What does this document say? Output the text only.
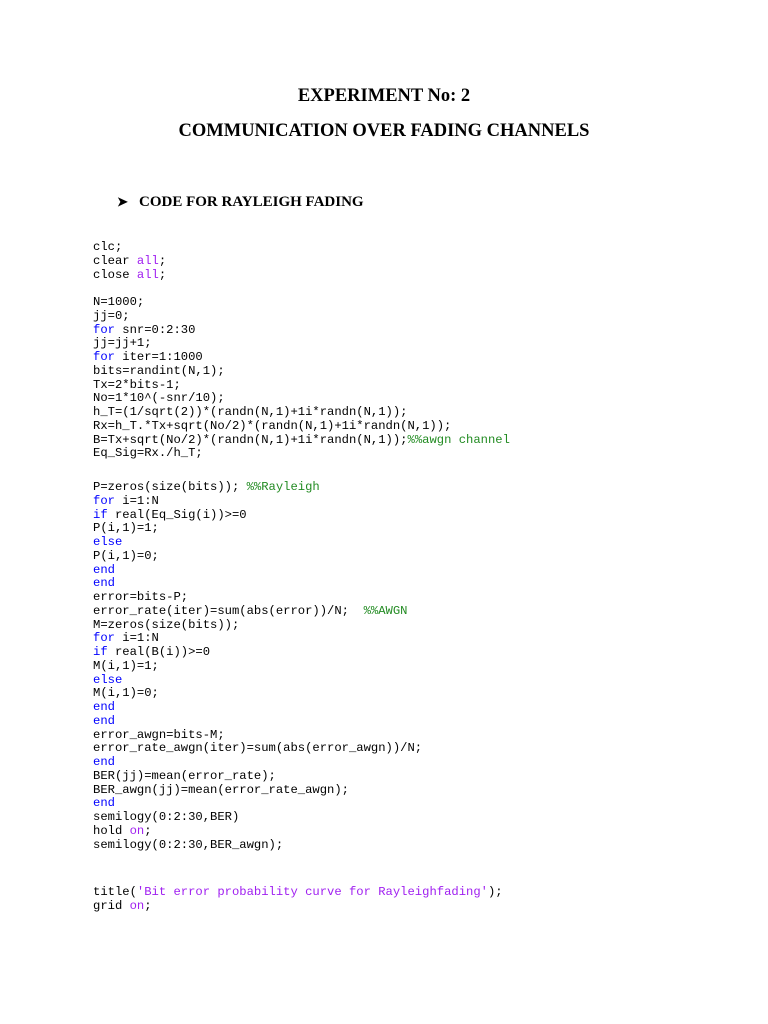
EXPERIMENT No: 2
COMMUNICATION OVER FADING CHANNELS
➤ CODE FOR RAYLEIGH FADING
clc;
clear all;
close all;
N=1000;
jj=0;
for snr=0:2:30
jj=jj+1;
for iter=1:1000
bits=randint(N,1);
Tx=2*bits-1;
No=1*10^(-snr/10);
h_T=(1/sqrt(2))*(randn(N,1)+1i*randn(N,1));
Rx=h_T.*Tx+sqrt(No/2)*(randn(N,1)+1i*randn(N,1));
B=Tx+sqrt(No/2)*(randn(N,1)+1i*randn(N,1));%%awgn channel
Eq_Sig=Rx./h_T;
P=zeros(size(bits)); %%Rayleigh
for i=1:N
if real(Eq_Sig(i))>=0
P(i,1)=1;
else
P(i,1)=0;
end
end
error=bits-P;
error_rate(iter)=sum(abs(error))/N;  %%AWGN
M=zeros(size(bits));
for i=1:N
if real(B(i))>=0
M(i,1)=1;
else
M(i,1)=0;
end
end
error_awgn=bits-M;
error_rate_awgn(iter)=sum(abs(error_awgn))/N;
end
BER(jj)=mean(error_rate);
BER_awgn(jj)=mean(error_rate_awgn);
end
semilogy(0:2:30,BER)
hold on;
semilogy(0:2:30,BER_awgn);
title('Bit error probability curve for Rayleighfading');
grid on;
